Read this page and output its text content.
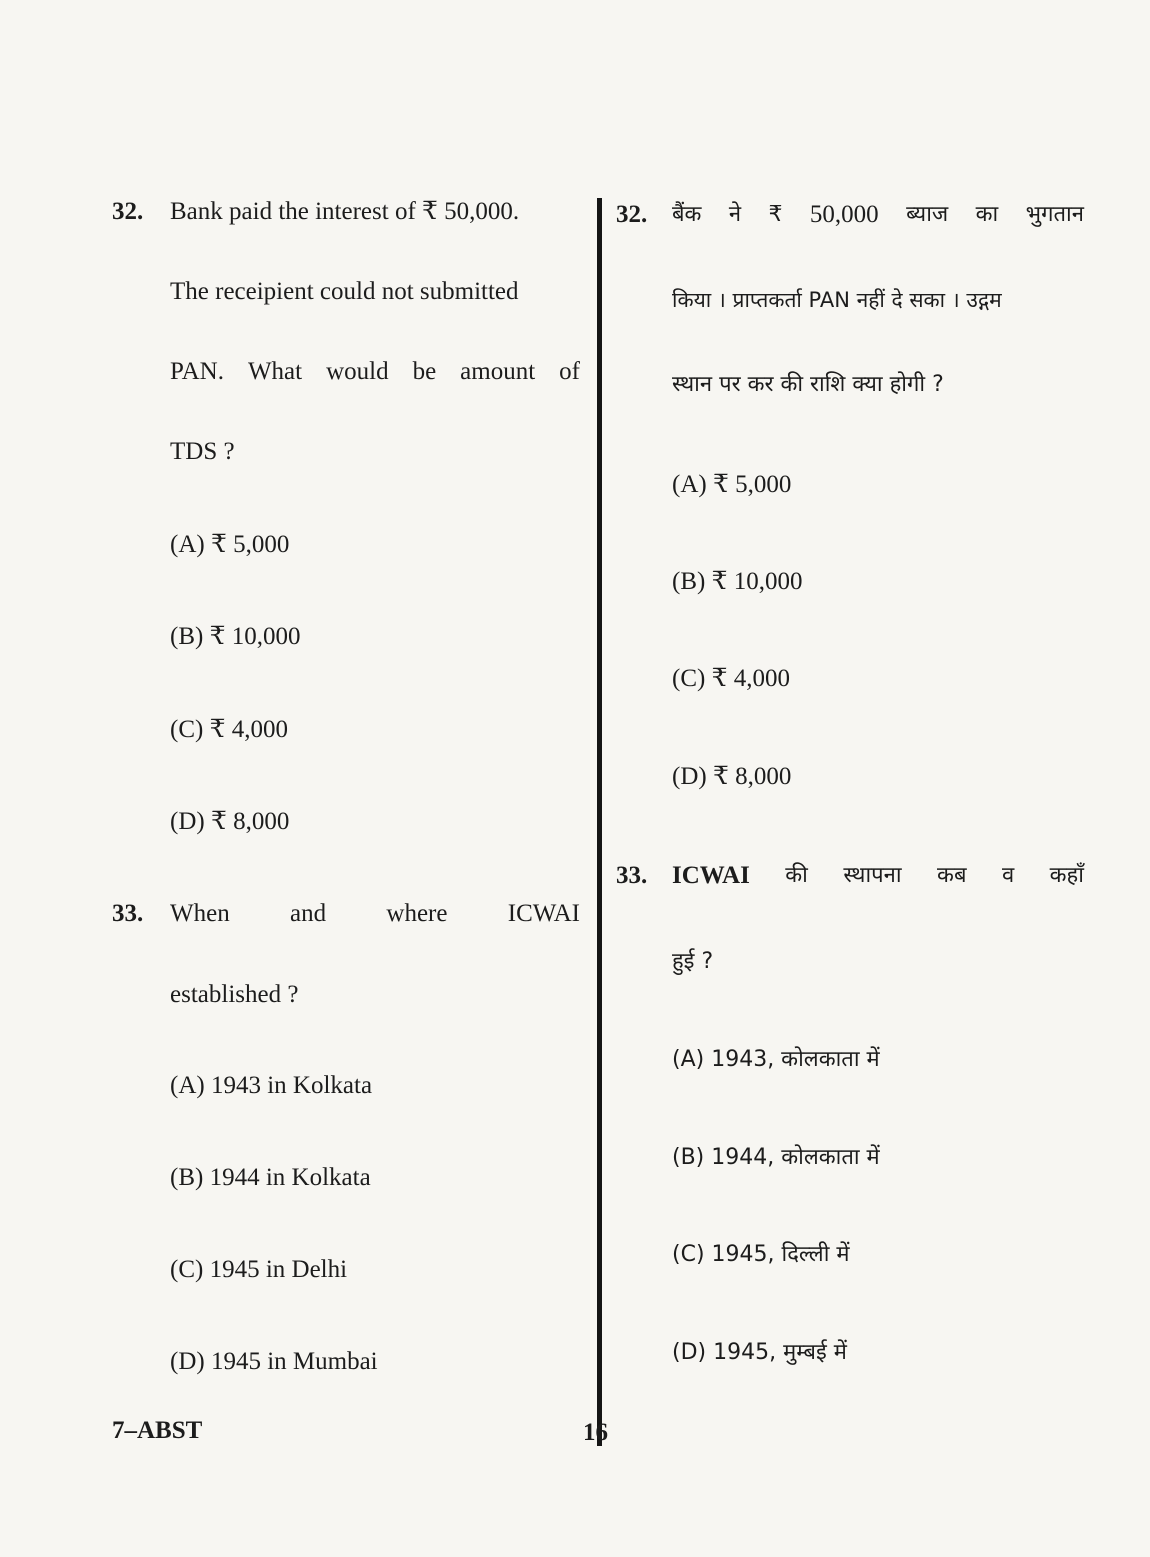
32. Bank paid the interest of ₹ 50,000.
The receipient could not submitted
PAN. What would be amount of
TDS ?
(A) ₹ 5,000
(B) ₹ 10,000
(C) ₹ 4,000
(D) ₹ 8,000
33. When and where ICWAI
established ?
(A) 1943 in Kolkata
(B) 1944 in Kolkata
(C) 1945 in Delhi
(D) 1945 in Mumbai
32. बैंक ने ₹ 50,000 ब्याज का भुगतान
किया । प्राप्तकर्ता PAN नहीं दे सका । उद्गम
स्थान पर कर की राशि क्या होगी ?
(A) ₹ 5,000
(B) ₹ 10,000
(C) ₹ 4,000
(D) ₹ 8,000
33. ICWAI की स्थापना कब व कहाँ
हुई ?
(A) 1943, कोलकाता में
(B) 1944, कोलकाता में
(C) 1945, दिल्ली में
(D) 1945, मुम्बई में
7–ABST	16
